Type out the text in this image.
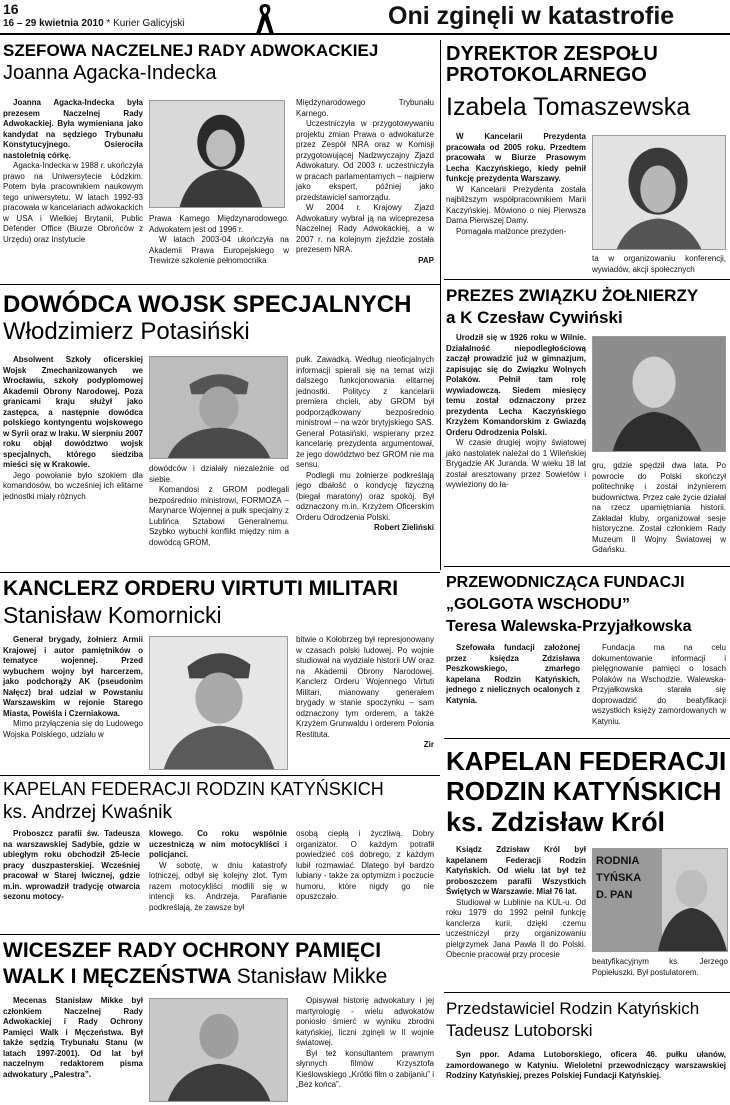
16
16 – 29 kwietnia 2010 * Kurier Galicyjski	Oni zginęli w katastrofie
SZEFOWA NACZELNEJ RADY ADWOKACKIEJ
Joanna Agacka-Indecka

Joanna Agacka-Indecka była prezesem Naczelnej Rady Adwokackiej. Była wymieniana jako kandydat na sędziego Trybunału Konstytucyjnego. Osierociła nastoletnią córkę.

Agacka-Indecka w 1988 r. ukończyła prawo na Uniwersytecie Łódzkim. Potem była pracownikiem naukowym tego uniwersytetu. W latach 1992-93 pracowała w kancelariach adwokackich w USA i Wielkiej Brytanii, Public Defender Office (Biurze Obrońców z Urzędu) oraz Instytucie

Prawa Karnego Międzynarodowego. Adwokatem jest od 1996 r.

W latach 2003-04 ukończyła na Akademii Prawa Europejskiego w Trewirze szkolenie pełnomocnika

Międzynarodowego Trybunału Karnego.

Uczestniczyła w przygotowywaniu projektu zmian Prawa o adwokaturze przez Zespół NRA oraz w Komisji przygotowującej Nadzwyczajny Zjazd Adwokatury. Od 2003 r. uczestniczyła w pracach parlamentarnych – najpierw jako ekspert, później jako przedstawiciel samorządu.

W 2004 r. Krajowy Zjazd Adwokatury wybrał ją na wiceprezesa Naczelnej Rady Adwokackiej, a w 2007 r. na kolejnym zjeździe została prezesem NRA.

PAP
DYREKTOR ZESPOŁU PROTOKOLARNEGO
Izabela Tomaszewska

W Kancelarii Prezydenta pracowała od 2005 roku. Przedtem pracowała w Biurze Prasowym Lecha Kaczyńskiego, kiedy pełnił funkcję prezydenta Warszawy.

W Kancelarii Prezydenta została najbliższym współpracownikiem Marii Kaczyńskiej. Mówiono o niej Pierwsza Dama Pierwszej Damy.

Pomagała małżonce prezyden-

ta w organizowaniu konferencji, wywiadów, akcji społecznych

DOWÓDCA WOJSK SPECJALNYCH
Włodzimierz Potasiński

Absolwent Szkoły oficerskiej Wojsk Zmechanizowanych we Wrocławiu, szkoły podyplomowej Akademii Obrony Narodowej. Poza granicami kraju służył jako zastępca, a następnie dowódca polskiego kontyngentu wojskowego w Syrii oraz w Iraku. W sierpniu 2007 roku objął dowództwo wojsk specjalnych, którego siedziba mieści się w Krakowie.

Jego powołanie było szokiem dla komandosów, bo wcześniej ich elitarne jednostki miały różnych

dowódców i działały niezależnie od siebie.

Komandosi z GROM podlegali bezpośrednio ministrowi, FORMOZA – Marynarce Wojennej a pułk specjalny z Lublińca Sztabowi Generalnemu. Szybko wybuchł konflikt między nim a dowódcą GROM,

pułk. Zawadką. Według nieoficjalnych informacji spierali się na temat wizji dalszego funkcjonowania elitarnej jednostki. Politycy z kancelarii premiera chcieli, aby GROM był podporządkowany bezpośrednio ministrowi – na wzór brytyjskiego SAS. Generał Potasiński, wspierany przez kancelarię prezydenta argumentował, że jego dowództwo bez GROM nie ma sensu.

Podlegli mu żołnierze podkreślają jego dbałość o kondycję fizyczną (biegał maratony) oraz spokój. Był odznaczony m.in. Krzyżem Oficerskim Orderu Odrodzenia Polski.

Robert Zieliński
PREZES ZWIĄZKU ŻOŁNIERZY
a K Czesław Cywiński

Urodził się w 1926 roku w Wilnie. Działalność niepodległościową zaczął prowadzić już w gimnazjum, zapisując się do Związku Wolnych Polaków. Pełnił tam rolę wywiadowczą. Siedem miesięcy temu został odznaczony przez prezydenta Lecha Kaczyńskiego Krzyżem Komandorskim z Gwiazdą Orderu Odrodzenia Polski.

W czasie drugiej wojny światowej jako nastolatek należał do 1 Wileńskiej Brygadzie AK Juranda. W wieku 18 lat został aresztowany przez Sowietów i wywieziony do ła-

gru, gdzie spędził dwa lata. Po powrocie do Polski skończył politechnikę i został inżynierem budownictwa. Przez całe życie działał na rzecz upamiętniania historii. Zakładał kluby, organizował sesje historyczne. Został członkiem Rady Muzeum II Wojny Światowej w Gdańsku.

KANCLERZ ORDERU VIRTUTI MILITARI
Stanisław Komornicki

Generał brygady, żołnierz Armii Krajowej i autor pamiętników o tematyce wojennej. Przed wybuchem wojny był harcerzem, jako podchorąży AK (pseudonim Nałęcz) brał udział w Powstaniu Warszawskim w rejonie Starego Miasta, Powiśla i Czerniakowa.

Mimo przyłączenia się do Ludowego Wojska Polskiego, udziału w

bitwie o Kołobrzeg był represjonowany w czasach polski ludowej. Po wojnie studiował na wydziale historii UW oraz na Akademii Obrony Narodowej. Kanclerz Orderu Wojennego Virtuti Militari, mianowany generałem brygady w stanie spoczynku – sam odznaczony tym orderem, a także Krzyżem Grunwaldu i orderem Polonia Restituta.

Zir
PRZEWODNICZĄCA FUNDACJI „GOLGOTA WSCHODU”
Teresa Walewska-Przyjałkowska

Szefowała fundacji założonej przez księdza Zdzisława Peszkowskiego, zmarłego kapelana Rodzin Katyńskich, jednego z nielicznych ocalonych z Katynia.

Fundacja ma na celu dokumentowanie informacji i pielęgnowanie pamięci o losach Polaków na Wschodzie. Walewska-Przyjałkowska starała się doprowadzić do beatyfikacji wszystkich księży zamordowanych w Katyniu.

KAPELAN FEDERACJI RODZIN KATYŃSKICH
ks. Andrzej Kwaśnik

Proboszcz parafii św. Tadeusza na warszawskiej Sadybie, gdzie w ubiegłym roku obchodził 25-lecie pracy duszpasterskiej. Wcześniej pracował w Starej Iwicznej, gdzie m.in. wprowadził tradycję otwarcia sezonu motocy-

klowego. Co roku wspólnie uczestniczą w nim motocykliści i policjanci.

W sobotę, w dniu katastrofy lotniczej, odbył się kolejny zlot. Tym razem motocykliści modlili się w intencji ks. Andrzeja. Parafianie podkreślają, że zawsze był

osobą ciepłą i życzliwą. Dobry organizator. O każdym potrafił powiedzieć coś dobrego, z każdym lubił rozmawiać. Dlatego był bardzo lubiany - także za optymizm i poczucie humoru, które nigdy go nie opuszczało.

KAPELAN FEDERACJI RODZIN KATYŃSKICH
ks. Zdzisław Król

Ksiądz Zdzisław Król był kapelanem Federacji Rodzin Katyńskich. Od wielu lat był też proboszczem parafii Wszystkich Świętych w Warszawie. Miał 76 lat.

Studiował w Lublinie na KUL-u. Od roku 1979 do 1992 pełnił funkcję kanclerza kurii, dzięki czemu uczestniczył przy organizowaniu pielgrzymek Jana Pawła II do Polski. Obecnie pracował przy procesie

RODNIA
TYŃSKA
D. PAN

beatyfikacyjnym ks. Jerzego Popiełuszki. Był postulatorem.

WICESZEF RADY OCHRONY PAMIĘCI
WALK I MĘCZEŃSTWA Stanisław Mikke

Mecenas Stanisław Mikke był członkiem Naczelnej Rady Adwokackiej i Rady Ochrony Pamięci Walk i Męczeństwa. Był także sędzią Trybunału Stanu (w latach 1997-2001). Od lat był naczelnym redaktorem pisma adwokatury „Palestra”.

Opisywał historię adwokatury i jej martyrologię - wielu adwokatów poniosło śmierć w wyniku zbrodni katyńskiej, liczni zginęli w II wojnie światowej.

Był też konsultantem prawnym słynnych filmów Krzysztofa Kieślowskiego „Krótki film o zabijaniu” i „Bez końca”.

Przedstawiciel Rodzin Katyńskich
Tadeusz Lutoborski

Syn ppor. Adama Lutoborskiego, oficera 46. pułku ułanów, zamordowanego w Katyniu. Wieloletni przewodniczący warszawskiej Rodziny Katyńskiej, prezes Polskiej Fundacji Katyńskiej.
